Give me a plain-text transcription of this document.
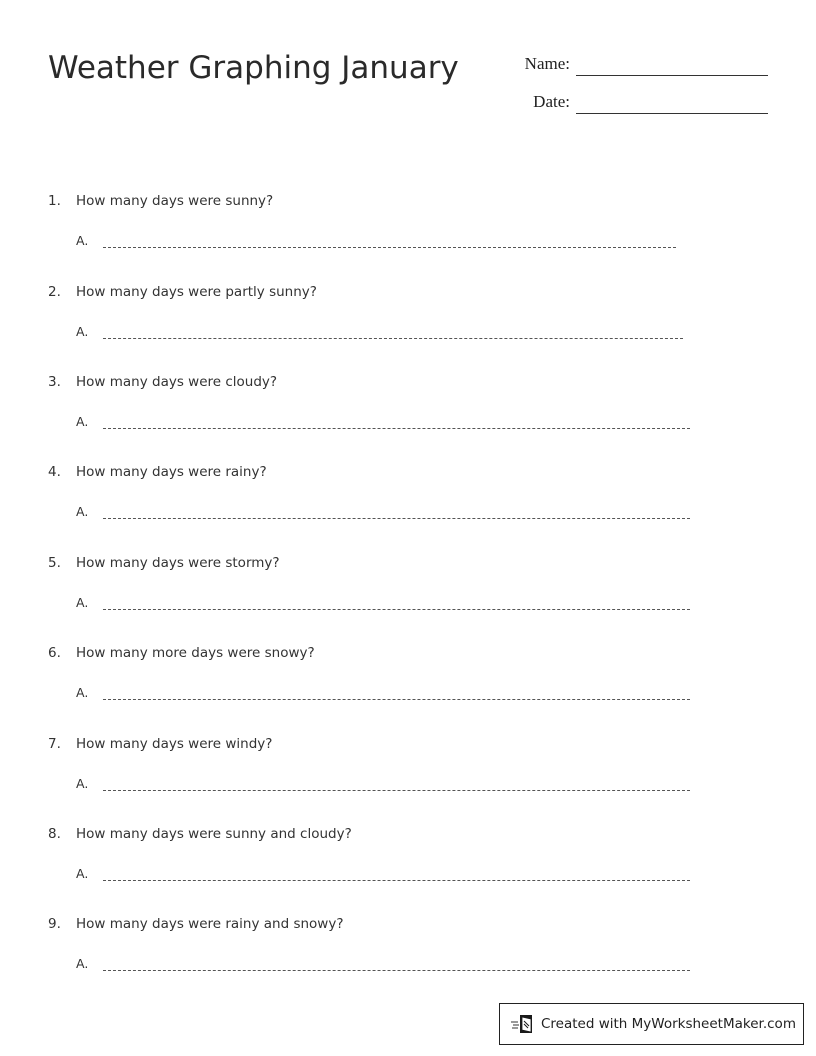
Weather Graphing January	Name:
Date:
1. How many days were sunny?
A.
2. How many days were partly sunny?
A.
3. How many days were cloudy?
A.
4. How many days were rainy?
A.
5. How many days were stormy?
A.
6. How many more days were snowy?
A.
7. How many days were windy?
A.
8. How many days were sunny and cloudy?
A.
9. How many days were rainy and snowy?
A.
Created with MyWorksheetMaker.com
